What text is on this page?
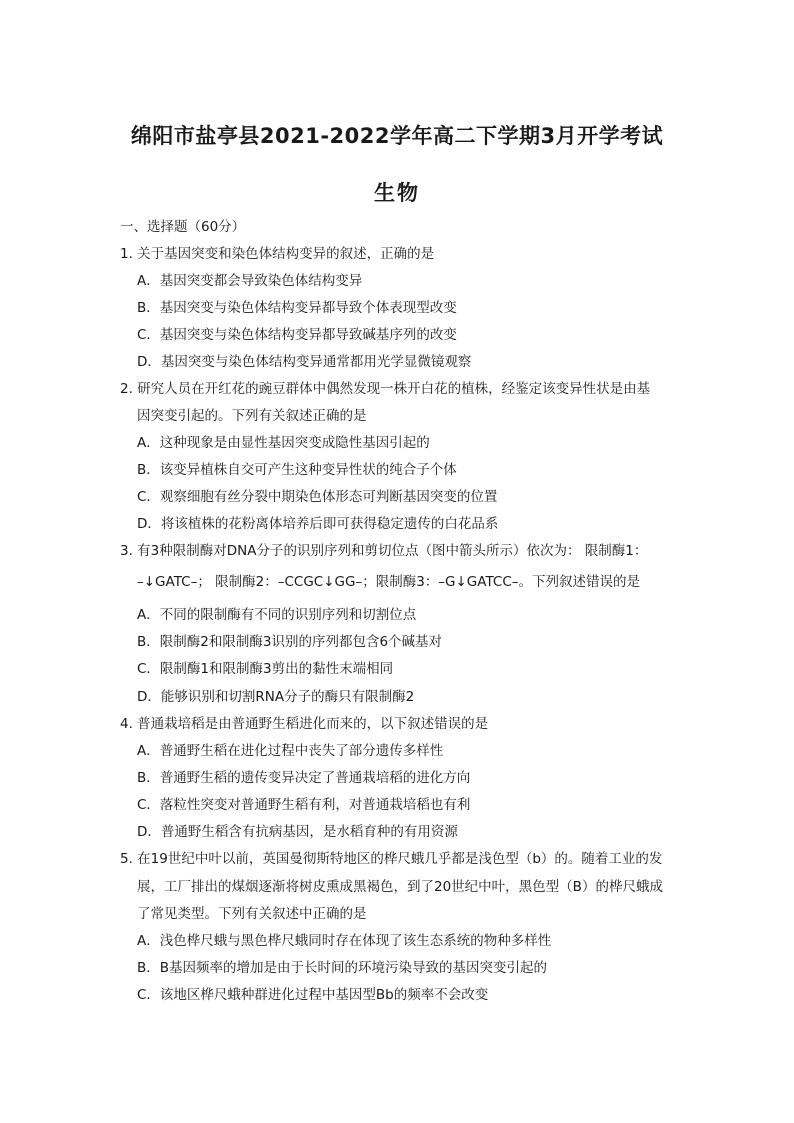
绵阳市盐亭县2021-2022学年高二下学期3月开学考试
生物
一、选择题（60分）
1. 关于基因突变和染色体结构变异的叙述，正确的是
A．基因突变都会导致染色体结构变异
B．基因突变与染色体结构变异都导致个体表现型改变
C．基因突变与染色体结构变异都导致碱基序列的改变
D．基因突变与染色体结构变异通常都用光学显微镜观察
2. 研究人员在开红花的豌豆群体中偶然发现一株开白花的植株，经鉴定该变异性状是由基
因突变引起的。下列有关叙述正确的是
A．这种现象是由显性基因突变成隐性基因引起的
B．该变异植株自交可产生这种变异性状的纯合子个体
C．观察细胞有丝分裂中期染色体形态可判断基因突变的位置
D．将该植株的花粉离体培养后即可获得稳定遗传的白花品系
3. 有3种限制酶对DNA分子的识别序列和剪切位点（图中箭头所示）依次为： 限制酶1：
–↓GATC–； 限制酶2：–CCGC↓GG–；限制酶3：–G↓GATCC–。下列叙述错误的是
A．不同的限制酶有不同的识别序列和切割位点
B．限制酶2和限制酶3识别的序列都包含6个碱基对
C．限制酶1和限制酶3剪出的黏性末端相同
D．能够识别和切割RNA分子的酶只有限制酶2
4. 普通栽培稻是由普通野生稻进化而来的，以下叙述错误的是
A．普通野生稻在进化过程中丧失了部分遗传多样性
B．普通野生稻的遗传变异决定了普通栽培稻的进化方向
C．落粒性突变对普通野生稻有利，对普通栽培稻也有利
D．普通野生稻含有抗病基因，是水稻育种的有用资源
5. 在19世纪中叶以前，英国曼彻斯特地区的桦尺蛾几乎都是浅色型（b）的。随着工业的发
展，工厂排出的煤烟逐渐将树皮熏成黑褐色，到了20世纪中叶，黑色型（B）的桦尺蛾成
了常见类型。下列有关叙述中正确的是
A．浅色桦尺蛾与黑色桦尺蛾同时存在体现了该生态系统的物种多样性
B．B基因频率的增加是由于长时间的环境污染导致的基因突变引起的
C．该地区桦尺蛾种群进化过程中基因型Bb的频率不会改变
